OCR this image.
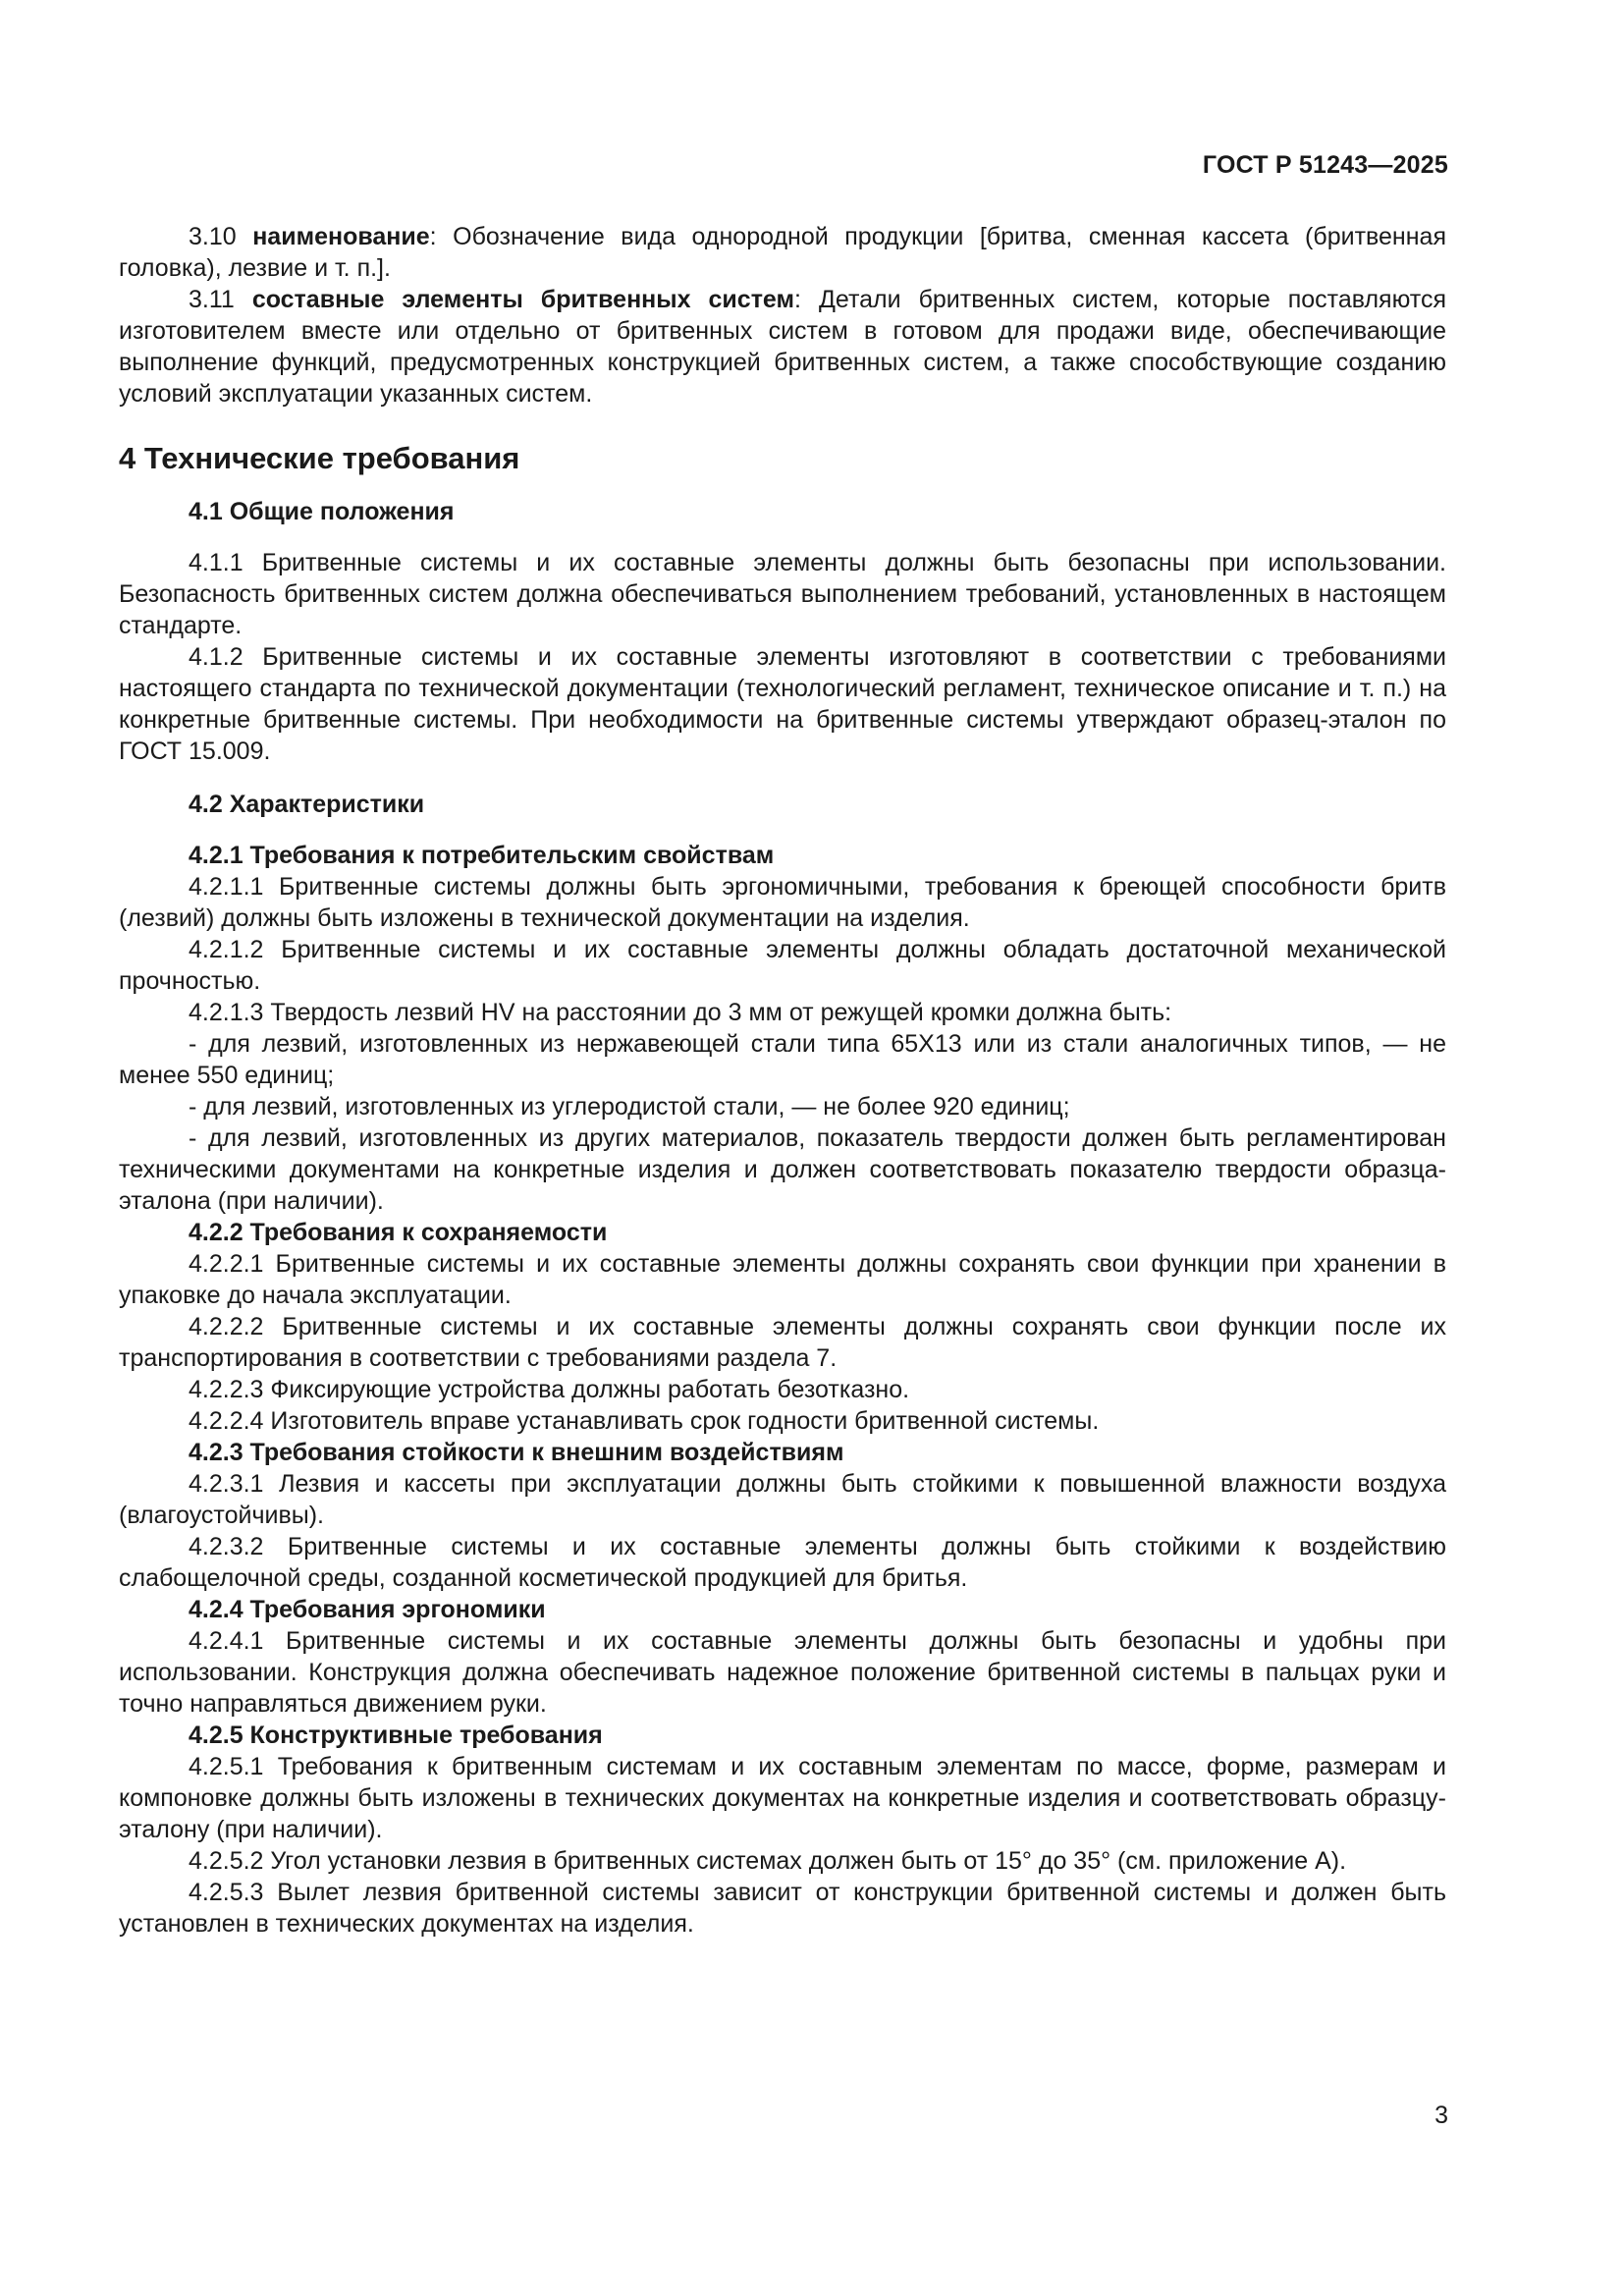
ГОСТ Р 51243—2025

3.10 наименование: Обозначение вида однородной продукции [бритва, сменная кассета (бритвенная головка), лезвие и т. п.].

3.11 составные элементы бритвенных систем: Детали бритвенных систем, которые поставляются изготовителем вместе или отдельно от бритвенных систем в готовом для продажи виде, обеспечивающие выполнение функций, предусмотренных конструкцией бритвенных систем, а также способствующие созданию условий эксплуатации указанных систем.

4 Технические требования

4.1 Общие положения

4.1.1 Бритвенные системы и их составные элементы должны быть безопасны при использовании. Безопасность бритвенных систем должна обеспечиваться выполнением требований, установленных в настоящем стандарте.

4.1.2 Бритвенные системы и их составные элементы изготовляют в соответствии с требованиями настоящего стандарта по технической документации (технологический регламент, техническое описание и т. п.) на конкретные бритвенные системы. При необходимости на бритвенные системы утверждают образец-эталон по ГОСТ 15.009.

4.2 Характеристики

4.2.1 Требования к потребительским свойствам

4.2.1.1 Бритвенные системы должны быть эргономичными, требования к бреющей способности бритв (лезвий) должны быть изложены в технической документации на изделия.

4.2.1.2 Бритвенные системы и их составные элементы должны обладать достаточной механической прочностью.

4.2.1.3 Твердость лезвий HV на расстоянии до 3 мм от режущей кромки должна быть:

- для лезвий, изготовленных из нержавеющей стали типа 65Х13 или из стали аналогичных типов, — не менее 550 единиц;

- для лезвий, изготовленных из углеродистой стали, — не более 920 единиц;

- для лезвий, изготовленных из других материалов, показатель твердости должен быть регламентирован техническими документами на конкретные изделия и должен соответствовать показателю твердости образца-эталона (при наличии).

4.2.2 Требования к сохраняемости

4.2.2.1 Бритвенные системы и их составные элементы должны сохранять свои функции при хранении в упаковке до начала эксплуатации.

4.2.2.2 Бритвенные системы и их составные элементы должны сохранять свои функции после их транспортирования в соответствии с требованиями раздела 7.

4.2.2.3 Фиксирующие устройства должны работать безотказно.

4.2.2.4 Изготовитель вправе устанавливать срок годности бритвенной системы.

4.2.3 Требования стойкости к внешним воздействиям

4.2.3.1 Лезвия и кассеты при эксплуатации должны быть стойкими к повышенной влажности воздуха (влагоустойчивы).

4.2.3.2 Бритвенные системы и их составные элементы должны быть стойкими к воздействию слабощелочной среды, созданной косметической продукцией для бритья.

4.2.4 Требования эргономики

4.2.4.1 Бритвенные системы и их составные элементы должны быть безопасны и удобны при использовании. Конструкция должна обеспечивать надежное положение бритвенной системы в пальцах руки и точно направляться движением руки.

4.2.5 Конструктивные требования

4.2.5.1 Требования к бритвенным системам и их составным элементам по массе, форме, размерам и компоновке должны быть изложены в технических документах на конкретные изделия и соответствовать образцу-эталону (при наличии).

4.2.5.2 Угол установки лезвия в бритвенных системах должен быть от 15° до 35° (см. приложение А).

4.2.5.3 Вылет лезвия бритвенной системы зависит от конструкции бритвенной системы и должен быть установлен в технических документах на изделия.

3
